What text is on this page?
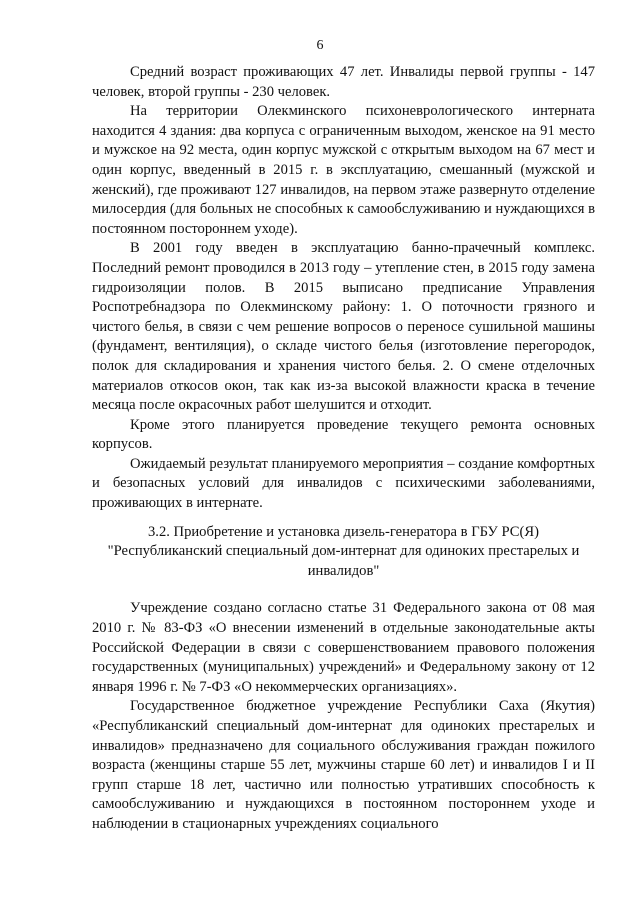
6

Средний возраст проживающих 47 лет. Инвалиды первой группы - 147 человек, второй группы - 230 человек.

На территории Олекминского психоневрологического интерната находится 4 здания: два корпуса с ограниченным выходом, женское на 91 место и мужское на 92 места, один корпус мужской с открытым выходом на 67 мест и один корпус, введенный в 2015 г. в эксплуатацию, смешанный (мужской и женский), где проживают 127 инвалидов, на первом этаже развернуто отделение милосердия (для больных не способных к самообслуживанию и нуждающихся в постоянном постороннем уходе).

В 2001 году введен в эксплуатацию банно-прачечный комплекс. Последний ремонт проводился в 2013 году – утепление стен, в 2015 году замена гидроизоляции полов. В 2015 выписано предписание Управления Роспотребнадзора по Олекминскому району: 1. О поточности грязного и чистого белья, в связи с чем решение вопросов о переносе сушильной машины (фундамент, вентиляция), о складе чистого белья (изготовление перегородок, полок для складирования и хранения чистого белья. 2. О смене отделочных материалов откосов окон, так как из-за высокой влажности краска в течение месяца после окрасочных работ шелушится и отходит.

Кроме этого планируется проведение текущего ремонта основных корпусов.

Ожидаемый результат планируемого мероприятия – создание комфортных и безопасных условий для инвалидов с психическими заболеваниями, проживающих в интернате.

3.2. Приобретение и установка дизель-генератора в ГБУ РС(Я)
"Республиканский специальный дом-интернат для одиноких престарелых и инвалидов"

Учреждение создано согласно статье 31 Федерального закона от 08 мая 2010 г. № 83-ФЗ «О внесении изменений в отдельные законодательные акты Российской Федерации в связи с совершенствованием правового положения государственных (муниципальных) учреждений» и Федеральному закону от 12 января 1996 г. № 7-ФЗ «О некоммерческих организациях».

Государственное бюджетное учреждение Республики Саха (Якутия) «Республиканский специальный дом-интернат для одиноких престарелых и инвалидов» предназначено для социального обслуживания граждан пожилого возраста (женщины старше 55 лет, мужчины старше 60 лет) и инвалидов I и II групп старше 18 лет, частично или полностью утративших способность к самообслуживанию и нуждающихся в постоянном постороннем уходе и наблюдении в стационарных учреждениях социального
